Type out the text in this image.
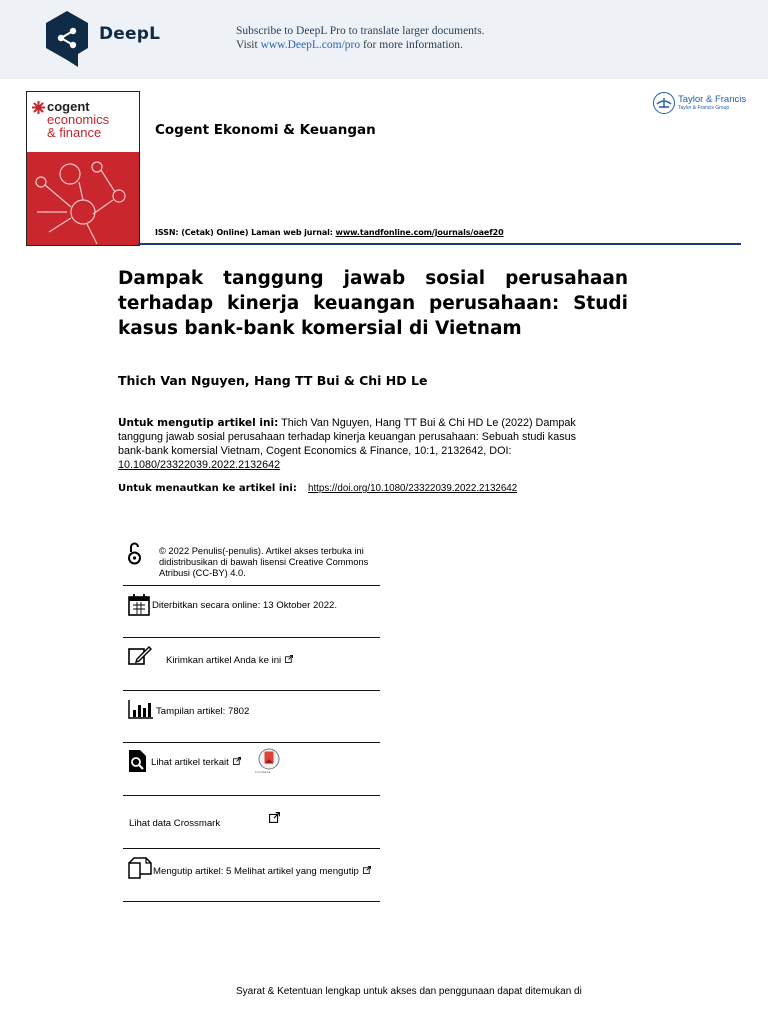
DeepL	Subscribe to DeepL Pro to translate larger documents.
Visit www.DeepL.com/pro for more information.
cogent
economics
& finance	Cogent Ekonomi & Keuangan
ISSN: (Cetak) Online) Laman web jurnal: www.tandfonline.com/journals/oaef20
Taylor & Francis
Taylor & Francis Group
Dampak tanggung jawab sosial perusahaan terhadap kinerja keuangan perusahaan: Studi kasus bank-bank komersial di Vietnam
Thich Van Nguyen, Hang TT Bui & Chi HD Le
Untuk mengutip artikel ini: Thich Van Nguyen, Hang TT Bui & Chi HD Le (2022) Dampak tanggung jawab sosial perusahaan terhadap kinerja keuangan perusahaan: Sebuah studi kasus bank-bank komersial Vietnam, Cogent Economics & Finance, 10:1, 2132642, DOI: 10.1080/23322039.2022.2132642
Untuk menautkan ke artikel ini: https://doi.org/10.1080/23322039.2022.2132642
© 2022 Penulis(-penulis). Artikel akses terbuka ini didistribusikan di bawah lisensi Creative Commons Atribusi (CC-BY) 4.0.
Diterbitkan secara online: 13 Oktober 2022.
Kirimkan artikel Anda ke ini
Tampilan artikel: 7802
Lihat artikel terkait
CrossMark
Lihat data Crossmark
Mengutip artikel: 5 Melihat artikel yang mengutip
Syarat & Ketentuan lengkap untuk akses dan penggunaan dapat ditemukan di
